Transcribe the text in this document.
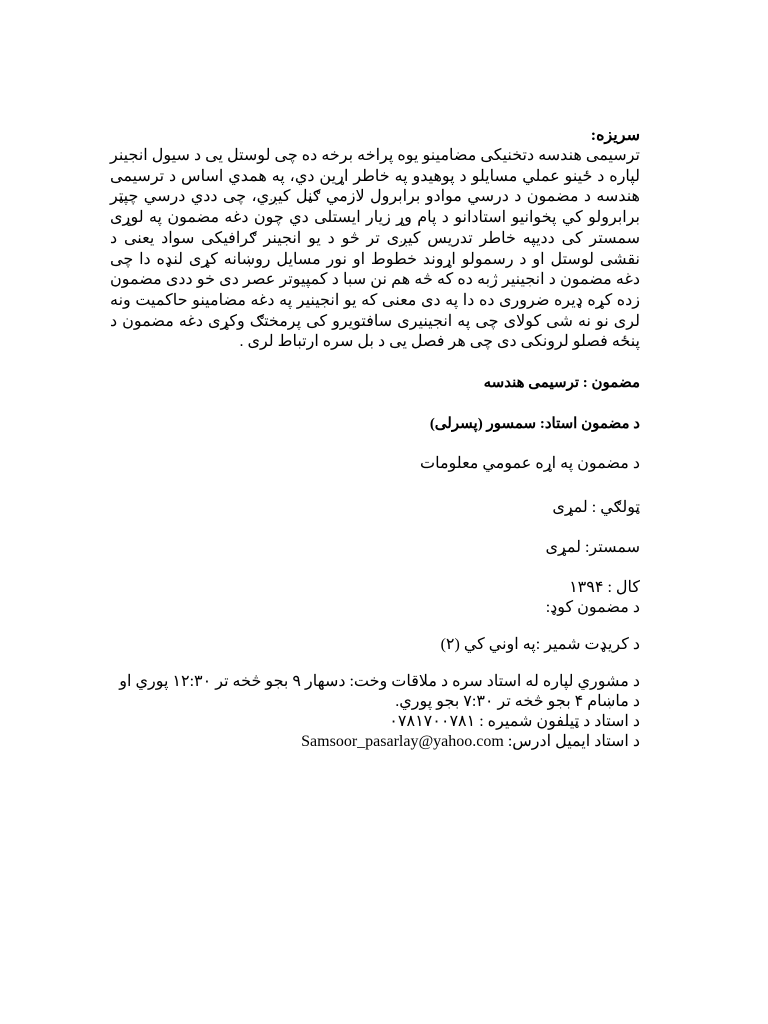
سریزه:

ترسیمی هندسه دتخنیکی مضامینو یوه پراخه برخه ده چی لوستل یی د سیول انجینر لپاره د ځینو عملي مسایلو د پوهیدو په خاطر اړین دي، په همدي اساس د ترسیمی هندسه د مضمون د درسي موادو برابرول لازمي ګڼل کیږي، چی ددي درسي چپټر برابرولو کي پخوانیو استادانو د پام وړ زیار ایستلی دي چون دغه مضمون په لوړی سمستر کی دديپه خاطر تدریس کیږی تر څو د یو انجینر ګرافیکی سواد یعنی د نقشی لوستل او د رسمولو اړوند خطوط او نور مسایل روښانه کړی لنډه دا چی دغه مضمون د انجینیر ژبه ده که څه هم نن سبا د کمپیوتر عصر دی خو ددی مضمون زده کړه ډیره ضروری ده دا په دی معنی که یو انجینیر په دغه مضامینو حاکمیت ونه لری نو نه شی کولای چی په انجینیری سافتویرو کی پرمختګ وکړی دغه مضمون د پنځه فصلو لرونکی دی چی هر فصل یی د بل سره ارتباط لری .

مضمون : ترسیمی هندسه

د مضمون استاد: سمسور (پسرلی)

د مضمون په اړه عمومي معلومات

ټولګي : لمړی

سمستر: لمړی

کال : ۱۳۹۴

د مضمون کوډ:

د کریډت شمیر :په اوني كي (۲)

د مشوري لپاره له استاد سره د ملاقات وخت: دسهار ۹ بجو څخه تر ۱۲:۳۰ پوري او د ماښام ۴ بجو څخه تر ۷:۳۰ بجو پوري.

د استاد د ټیلفون شمیره : ۰۷۸۱۷۰۰۷۸۱

د استاد ایمیل ادرس: Samsoor_pasarlay@yahoo.com
